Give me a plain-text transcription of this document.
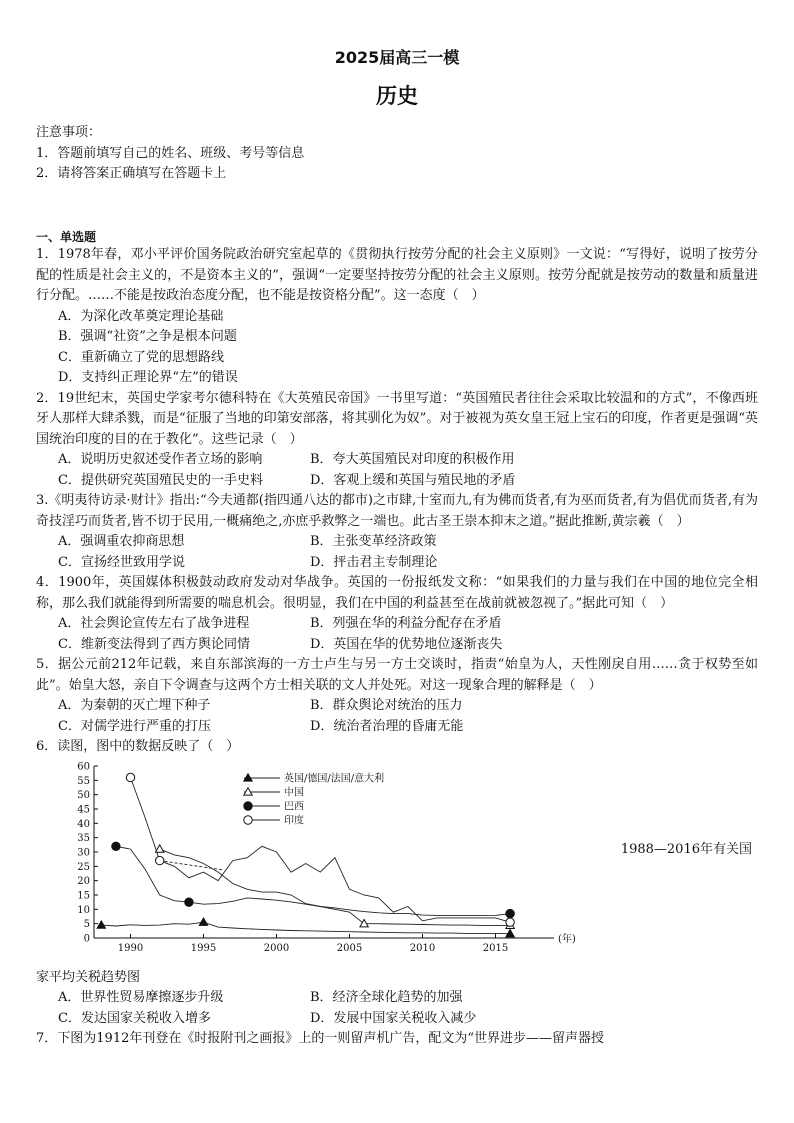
2025届高三一模
历史
注意事项：
1．答题前填写自己的姓名、班级、考号等信息
2．请将答案正确填写在答题卡上
一、单选题
1．1978年春，邓小平评价国务院政治研究室起草的《贯彻执行按劳分配的社会主义原则》一文说：“写得好，说明了按劳分配的性质是社会主义的，不是资本主义的”，强调“一定要坚持按劳分配的社会主义原则。按劳分配就是按劳动的数量和质量进行分配。……不能是按政治态度分配，也不能是按资格分配”。这一态度（　）
A．为深化改革奠定理论基础
B．强调“社资”之争是根本问题
C．重新确立了党的思想路线
D．支持纠正理论界“左”的错误
2．19世纪末，英国史学家考尔德科特在《大英殖民帝国》一书里写道：“英国殖民者往往会采取比较温和的方式”，不像西班牙人那样大肆杀戮，而是“征服了当地的印第安部落，将其驯化为奴”。对于被视为英女皇王冠上宝石的印度，作者更是强调“英国统治印度的目的在于教化”。这些记录（　）
A．说明历史叙述受作者立场的影响	B．夸大英国殖民对印度的积极作用
C．提供研究英国殖民史的一手史料	D．客观上缓和英国与殖民地的矛盾
3.《明夷待访录·财计》指出:“今夫通都(指四通八达的都市)之市肆,十室而九,有为佛而货者,有为巫而货者,有为倡优而货者,有为奇技淫巧而货者,皆不切于民用,一概痛绝之,亦庶乎救弊之一端也。此古圣王崇本抑末之道。”据此推断,黄宗羲（　）
A．强调重农抑商思想	B．主张变革经济政策
C．宣扬经世致用学说	D．抨击君主专制理论
4．1900年，英国媒体积极鼓动政府发动对华战争。英国的一份报纸发文称：“如果我们的力量与我们在中国的地位完全相称，那么我们就能得到所需要的喘息机会。很明显，我们在中国的利益甚至在战前就被忽视了。”据此可知（　）
A．社会舆论宣传左右了战争进程	B．列强在华的利益分配存在矛盾
C．维新变法得到了西方舆论同情	D．英国在华的优势地位逐渐丧失
5．据公元前212年记载，来自东部滨海的一方士卢生与另一方士交谈时，指责“始皇为人，天性刚戾自用……贪于权势至如此”。始皇大怒，亲自下令调查与这两个方士相关联的文人并处死。对这一现象合理的解释是（　）
A．为秦朝的灭亡埋下种子	B．群众舆论对统治的压力
C．对儒学进行严重的打压	D．统治者治理的昏庸无能
6．读图，图中的数据反映了（　）
0
5
10
15
20
25
30
35
40
45
50
55
60
1990	1995	2000	2005	2010	2015
(年)
英国/德国/法国/意大利
中国
巴西
印度
1988—2016年有关国
家平均关税趋势图
A．世界性贸易摩擦逐步升级	B．经济全球化趋势的加强
C．发达国家关税收入增多	D．发展中国家关税收入减少
7．下图为1912年刊登在《时报附刊之画报》上的一则留声机广告，配文为“世界进步——留声器授
